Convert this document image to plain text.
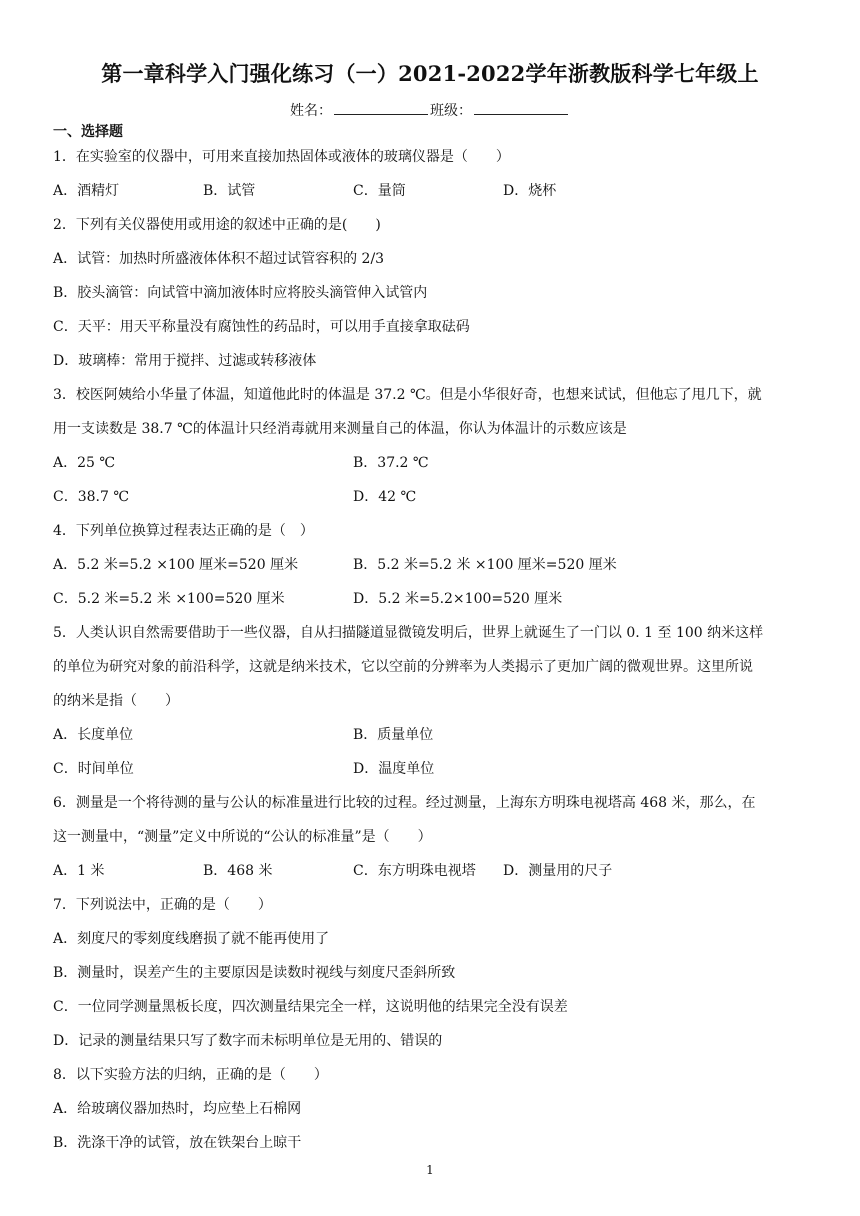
第一章科学入门强化练习（一）2021-2022学年浙教版科学七年级上
姓名：	班级：
一、选择题
1．在实验室的仪器中，可用来直接加热固体或液体的玻璃仪器是（　　）
A．酒精灯	B．试管	C．量筒	D．烧杯
2．下列有关仪器使用或用途的叙述中正确的是(　　)
A．试管：加热时所盛液体体积不超过试管容积的 2/3
B．胶头滴管：向试管中滴加液体时应将胶头滴管伸入试管内
C．天平：用天平称量没有腐蚀性的药品时，可以用手直接拿取砝码
D．玻璃棒：常用于搅拌、过滤或转移液体
3．校医阿姨给小华量了体温，知道他此时的体温是 37.2 ℃。但是小华很好奇，也想来试试，但他忘了甩几下，就
用一支读数是 38.7 ℃的体温计只经消毒就用来测量自己的体温，你认为体温计的示数应该是
A．25 ℃	B．37.2 ℃
C．38.7 ℃	D．42 ℃
4．下列单位换算过程表达正确的是（　）
A．5.2 米=5.2 ×100 厘米=520 厘米	B．5.2 米=5.2 米 ×100 厘米=520 厘米
C．5.2 米=5.2 米 ×100=520 厘米	D．5.2 米=5.2×100=520 厘米
5．人类认识自然需要借助于一些仪器，自从扫描隧道显微镜发明后，世界上就诞生了一门以 0. 1 至 100 纳米这样
的单位为研究对象的前沿科学，这就是纳米技术，它以空前的分辨率为人类揭示了更加广阔的微观世界。这里所说
的纳米是指（　　）
A．长度单位	B．质量单位
C．时间单位	D．温度单位
6．测量是一个将待测的量与公认的标准量进行比较的过程。经过测量，上海东方明珠电视塔高 468 米，那么，在
这一测量中，“测量”定义中所说的“公认的标准量”是（　　）
A．1 米	B．468 米	C．东方明珠电视塔	D．测量用的尺子
7．下列说法中，正确的是（　　）
A．刻度尺的零刻度线磨损了就不能再使用了
B．测量时，误差产生的主要原因是读数时视线与刻度尺歪斜所致
C．一位同学测量黑板长度，四次测量结果完全一样，这说明他的结果完全没有误差
D．记录的测量结果只写了数字而未标明单位是无用的、错误的
8．以下实验方法的归纳，正确的是（　　）
A．给玻璃仪器加热时，均应垫上石棉网
B．洗涤干净的试管，放在铁架台上晾干
1
